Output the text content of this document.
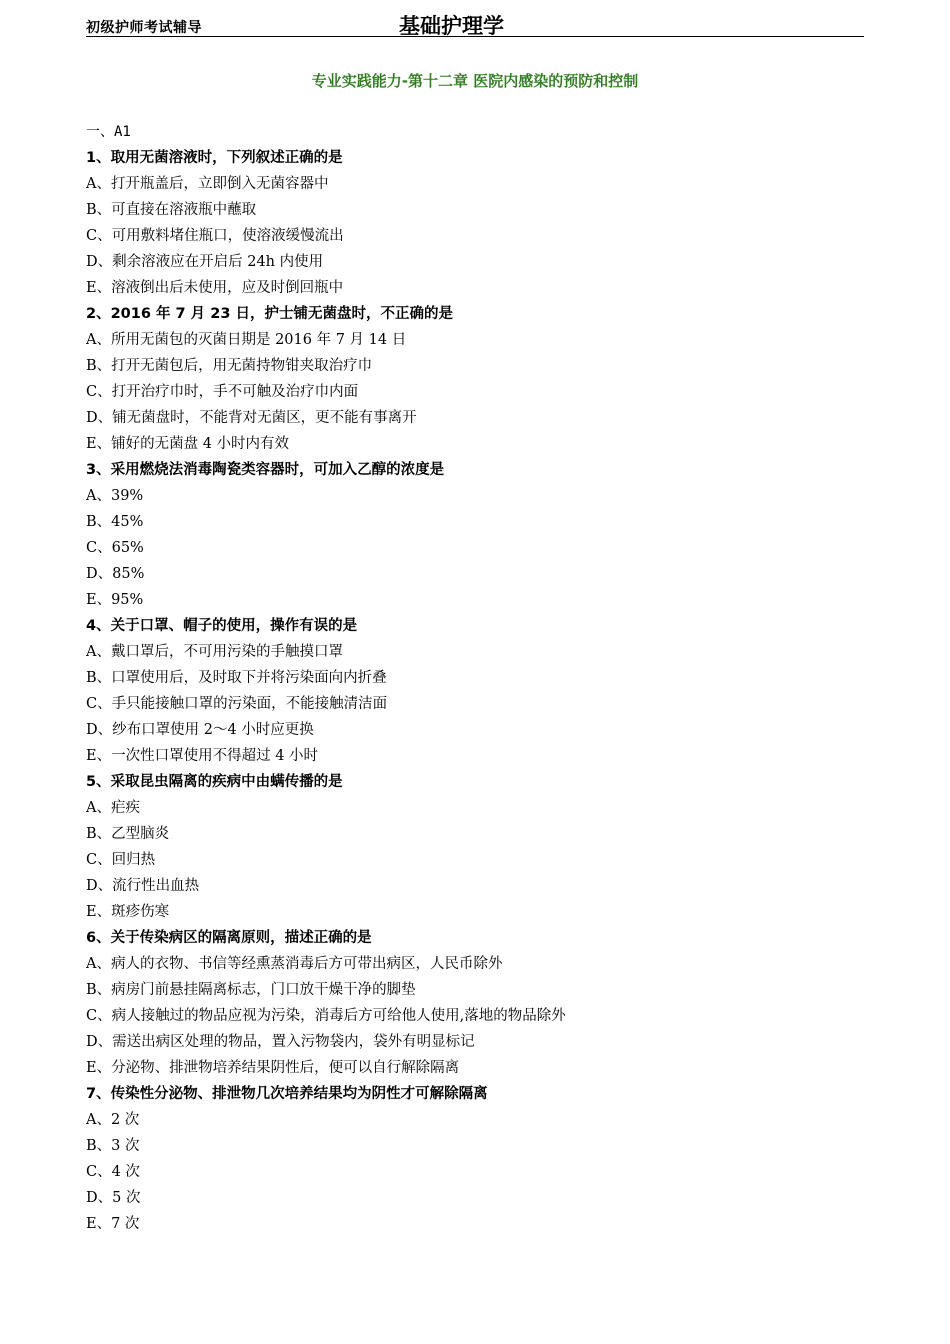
初级护师考试辅导	基础护理学
专业实践能力-第十二章 医院内感染的预防和控制
一、A1
1、取用无菌溶液时，下列叙述正确的是
A、打开瓶盖后，立即倒入无菌容器中
B、可直接在溶液瓶中蘸取
C、可用敷料堵住瓶口，使溶液缓慢流出
D、剩余溶液应在开启后 24h 内使用
E、溶液倒出后未使用，应及时倒回瓶中
2、2016 年 7 月 23 日，护士铺无菌盘时，不正确的是
A、所用无菌包的灭菌日期是 2016 年 7 月 14 日
B、打开无菌包后，用无菌持物钳夹取治疗巾
C、打开治疗巾时，手不可触及治疗巾内面
D、铺无菌盘时，不能背对无菌区，更不能有事离开
E、铺好的无菌盘 4 小时内有效
3、采用燃烧法消毒陶瓷类容器时，可加入乙醇的浓度是
A、39%
B、45%
C、65%
D、85%
E、95%
4、关于口罩、帽子的使用，操作有误的是
A、戴口罩后，不可用污染的手触摸口罩
B、口罩使用后，及时取下并将污染面向内折叠
C、手只能接触口罩的污染面，不能接触清洁面
D、纱布口罩使用 2～4 小时应更换
E、一次性口罩使用不得超过 4 小时
5、采取昆虫隔离的疾病中由螨传播的是
A、疟疾
B、乙型脑炎
C、回归热
D、流行性出血热
E、斑疹伤寒
6、关于传染病区的隔离原则，描述正确的是
A、病人的衣物、书信等经熏蒸消毒后方可带出病区，人民币除外
B、病房门前悬挂隔离标志，门口放干燥干净的脚垫
C、病人接触过的物品应视为污染，消毒后方可给他人使用,落地的物品除外
D、需送出病区处理的物品，置入污物袋内，袋外有明显标记
E、分泌物、排泄物培养结果阴性后，便可以自行解除隔离
7、传染性分泌物、排泄物几次培养结果均为阴性才可解除隔离
A、2 次
B、3 次
C、4 次
D、5 次
E、7 次
